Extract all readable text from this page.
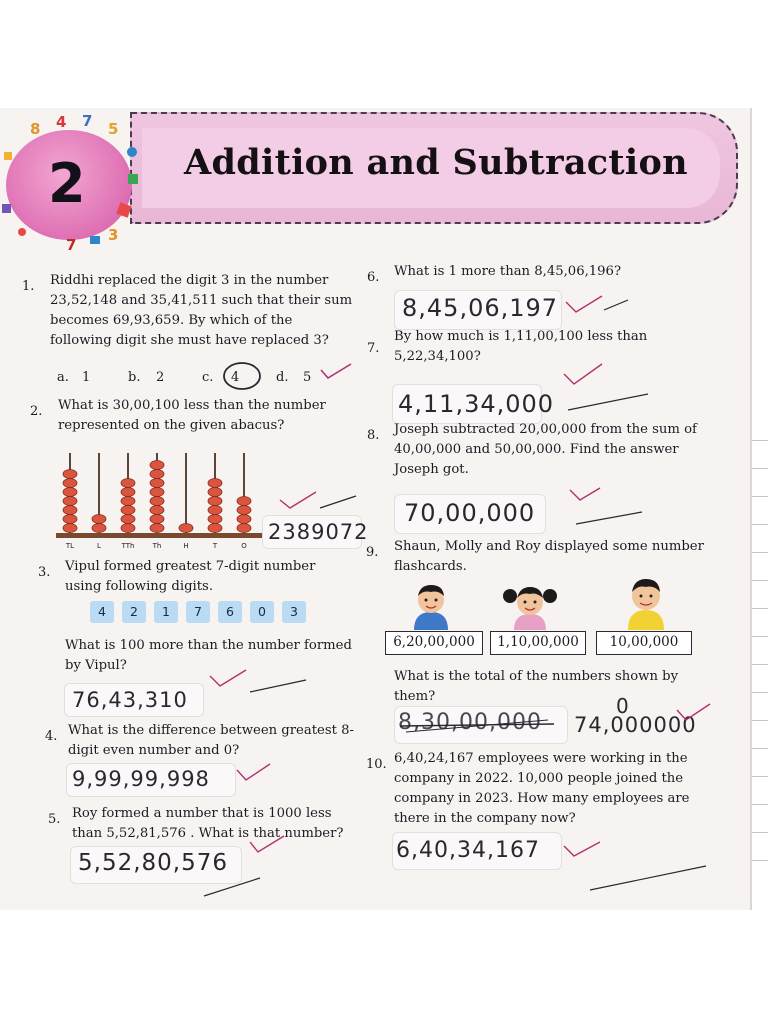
Addition and Subtraction
2
8 4 7 5
7
3
1. Riddhi replaced the digit 3 in the number 23,52,148 and 35,41,511 such that their sum becomes 69,93,659. By which of the following digit she must have replaced 3?
a. 1	b. 2	c. 4	d. 5
2. What is 30,00,100 less than the number represented on the given abacus?
TL	L	TTh	Th	H	T	O
2389072
3. Vipul formed greatest 7-digit number using following digits.
4	2	1	7	6	0	3
What is 100 more than the number formed by Vipul?
76,43,310
4. What is the difference between greatest 8-digit even number and 0?
9,99,99,998
5. Roy formed a number that is 1000 less than 5,52,81,576 . What is that number?
5,52,80,576
6. What is 1 more than 8,45,06,196?
8,45,06,197
7.
By how much is 1,11,00,100 less than 5,22,34,100?
4,11,34,000
8. Joseph subtracted 20,00,000 from the sum of 40,00,000 and 50,00,000. Find the answer Joseph got.
70,00,000
9. Shaun, Molly and Roy displayed some number flashcards.
6,20,00,000	1,10,00,000	10,00,000
What is the total of the numbers shown by them?
8,30,00,000
0
74,000000
10. 6,40,24,167 employees were working in the company in 2022. 10,000 people joined the company in 2023. How many employees are there in the company now?
6,40,34,167
